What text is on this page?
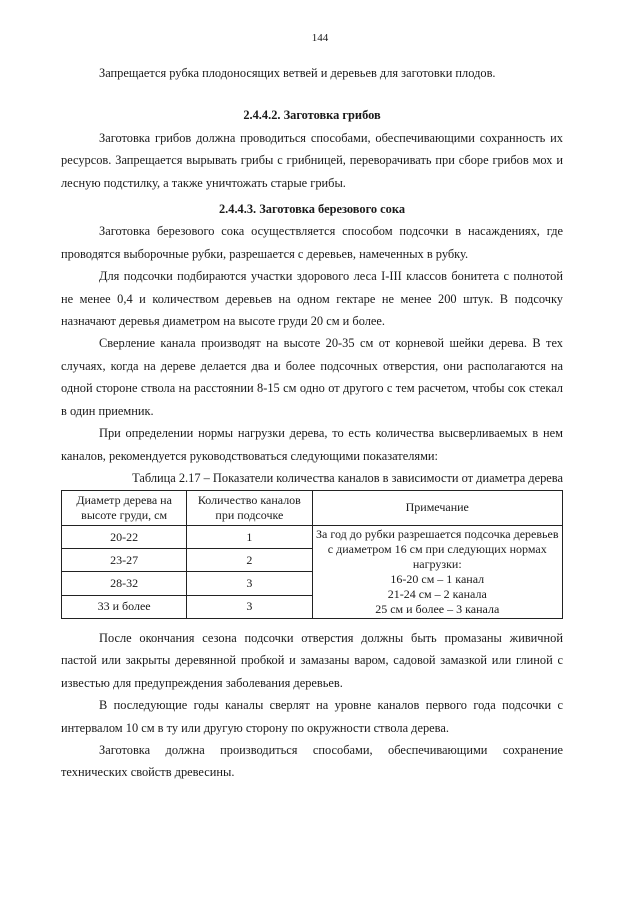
144

Запрещается рубка плодоносящих ветвей и деревьев для заготовки плодов.

2.4.4.2. Заготовка грибов

Заготовка грибов должна проводиться способами, обеспечивающими сохранность их ресурсов. Запрещается вырывать грибы с грибницей, переворачивать при сборе грибов мох и лесную подстилку, а также уничтожать старые грибы.

2.4.4.3. Заготовка березового сока

Заготовка березового сока осуществляется способом подсочки в насаждениях, где проводятся выборочные рубки, разрешается с деревьев, намеченных в рубку.

Для подсочки подбираются участки здорового леса I-III классов бонитета с полнотой не менее 0,4 и количеством деревьев на одном гектаре не менее 200 штук. В подсочку назначают деревья диаметром на высоте груди 20 см и более.

Сверление канала производят на высоте 20-35 см от корневой шейки дерева. В тех случаях, когда на дереве делается два и более подсочных отверстия, они располагаются на одной стороне ствола на расстоянии 8-15 см одно от другого с тем расчетом, чтобы сок стекал в один приемник.

При определении нормы нагрузки дерева, то есть количества высверливаемых в нем каналов, рекомендуется руководствоваться следующими показателями:

Таблица 2.17 – Показатели количества каналов в зависимости от диаметра дерева
Диаметр дерева на высоте груди, см	Количество каналов при подсочке	Примечание
20-22	1	За год до рубки разрешается подсочка деревьев с диаметром 16 см при следующих нормах нагрузки:
16-20 см – 1 канал
21-24 см – 2 канала
25 см и более – 3 канала

23-27	2	
28-32	3	
33 и более	3	

После окончания сезона подсочки отверстия должны быть промазаны живичной пастой или закрыты деревянной пробкой и замазаны варом, садовой замазкой или глиной с известью для предупреждения заболевания деревьев.

В последующие годы каналы сверлят на уровне каналов первого года подсочки с интервалом 10 см в ту или другую сторону по окружности ствола дерева.

Заготовка должна производиться способами, обеспечивающими сохранение технических свойств древесины.
